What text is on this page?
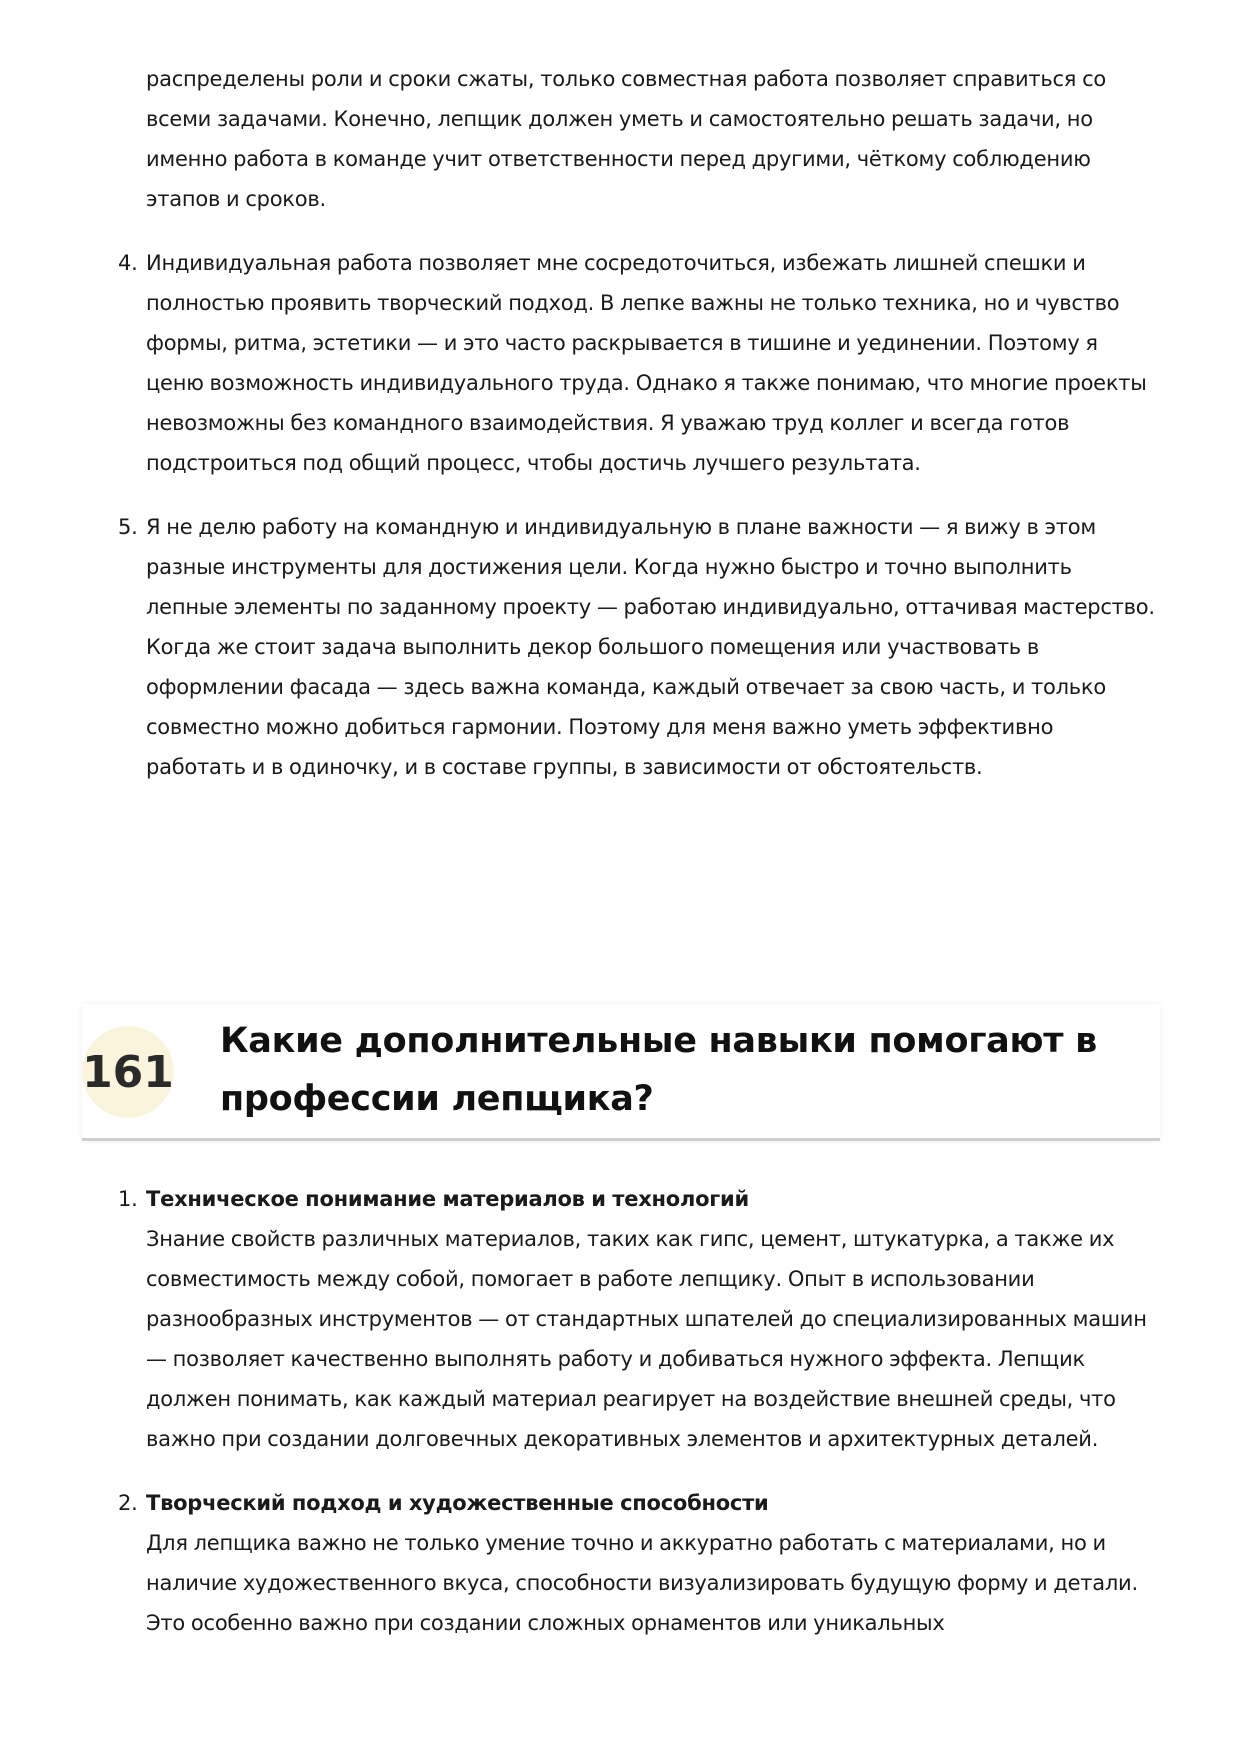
распределены роли и сроки сжаты, только совместная работа позволяет справиться со всеми задачами. Конечно, лепщик должен уметь и самостоятельно решать задачи, но именно работа в команде учит ответственности перед другими, чёткому соблюдению этапов и сроков.
4. Индивидуальная работа позволяет мне сосредоточиться, избежать лишней спешки и полностью проявить творческий подход. В лепке важны не только техника, но и чувство формы, ритма, эстетики — и это часто раскрывается в тишине и уединении. Поэтому я ценю возможность индивидуального труда. Однако я также понимаю, что многие проекты невозможны без командного взаимодействия. Я уважаю труд коллег и всегда готов подстроиться под общий процесс, чтобы достичь лучшего результата.
5. Я не делю работу на командную и индивидуальную в плане важности — я вижу в этом разные инструменты для достижения цели. Когда нужно быстро и точно выполнить лепные элементы по заданному проекту — работаю индивидуально, оттачивая мастерство. Когда же стоит задача выполнить декор большого помещения или участвовать в оформлении фасада — здесь важна команда, каждый отвечает за свою часть, и только совместно можно добиться гармонии. Поэтому для меня важно уметь эффективно работать и в одиночку, и в составе группы, в зависимости от обстоятельств.
161
Какие дополнительные навыки помогают в профессии лепщика?
1. Техническое понимание материалов и технологий
Знание свойств различных материалов, таких как гипс, цемент, штукатурка, а также их совместимость между собой, помогает в работе лепщику. Опыт в использовании разнообразных инструментов — от стандартных шпателей до специализированных машин — позволяет качественно выполнять работу и добиваться нужного эффекта. Лепщик должен понимать, как каждый материал реагирует на воздействие внешней среды, что важно при создании долговечных декоративных элементов и архитектурных деталей.
2. Творческий подход и художественные способности
Для лепщика важно не только умение точно и аккуратно работать с материалами, но и наличие художественного вкуса, способности визуализировать будущую форму и детали. Это особенно важно при создании сложных орнаментов или уникальных
